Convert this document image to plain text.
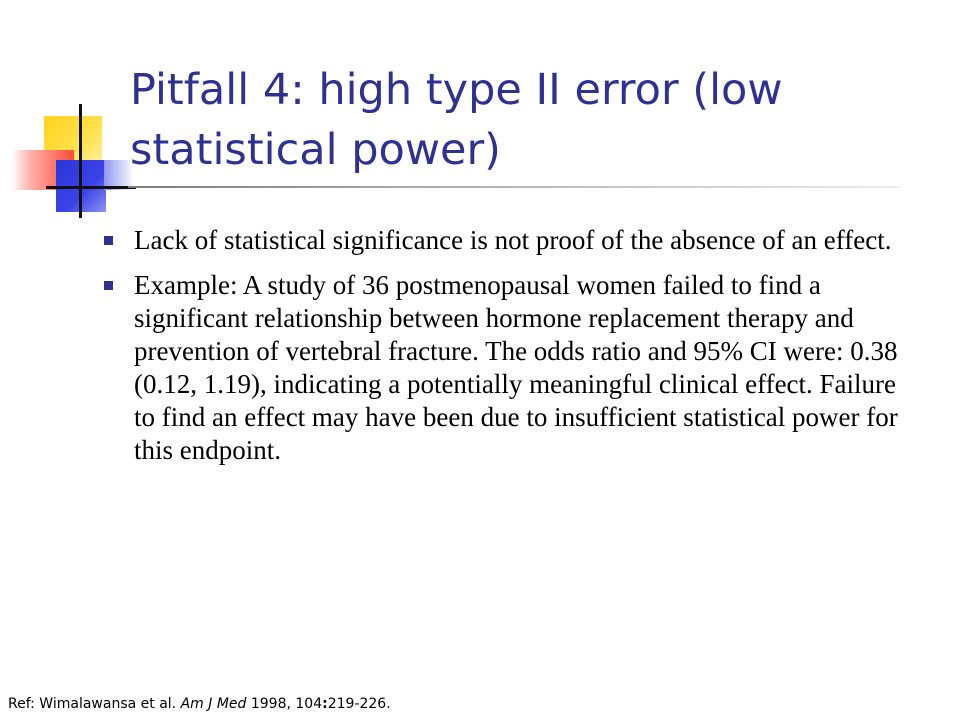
Pitfall 4: high type II error (low statistical power)
Lack of statistical significance is not proof of the absence of an effect.
Example: A study of 36 postmenopausal women failed to find a significant relationship between hormone replacement therapy and prevention of vertebral fracture. The odds ratio and 95% CI were: 0.38 (0.12, 1.19), indicating a potentially meaningful clinical effect. Failure to find an effect may have been due to insufficient statistical power for this endpoint.
Ref: Wimalawansa et al. Am J Med 1998, 104:219-226.
